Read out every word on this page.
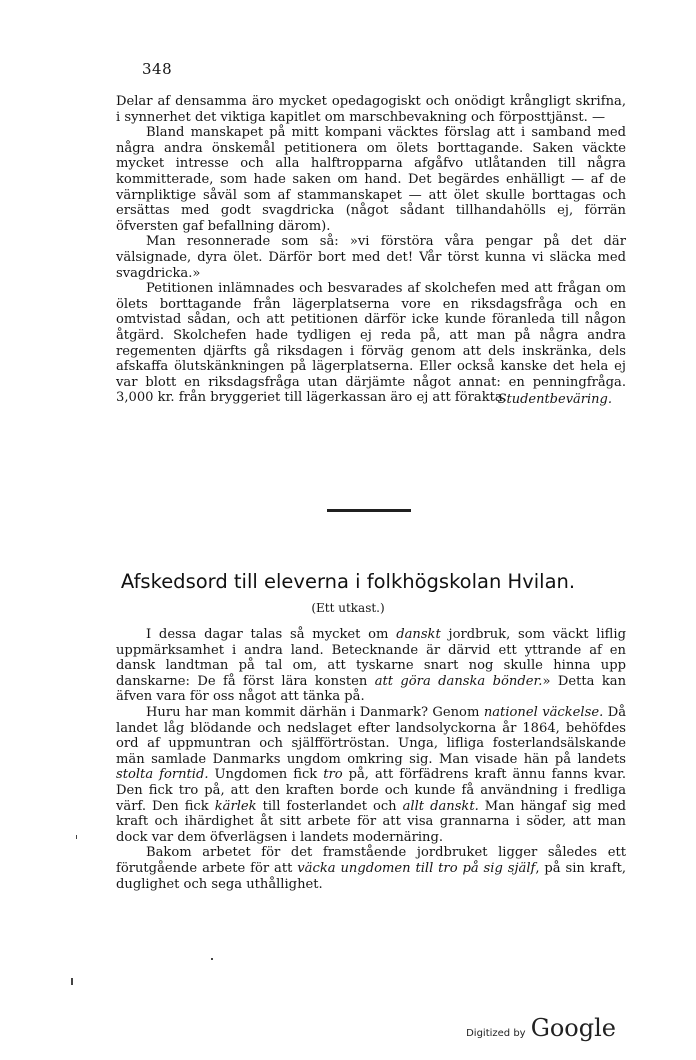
348

Delar af densamma äro mycket opedagogiskt och onödigt krångligt skrifna, i synnerhet det viktiga kapitlet om marschbevakning och förposttjänst. —

Bland manskapet på mitt kompani väcktes förslag att i samband med några andra önskemål petitionera om ölets borttagande. Saken väckte mycket intresse och alla halftropparna afgåfvo utlåtanden till några kommitterade, som hade saken om hand. Det begärdes enhälligt — af de värnpliktige såväl som af stammanskapet — att ölet skulle borttagas och ersättas med godt svagdricka (något sådant tillhandahölls ej, förrän öfversten gaf befallning därom).

Man resonnerade som så: »vi förstöra våra pengar på det där välsignade, dyra ölet. Därför bort med det! Vår törst kunna vi släcka med svagdricka.»

Petitionen inlämnades och besvarades af skolchefen med att frågan om ölets borttagande från lägerplatserna vore en riksdagsfråga och en omtvistad sådan, och att petitionen därför icke kunde föranleda till någon åtgärd. Skolchefen hade tydligen ej reda på, att man på några andra regementen djärfts gå riksdagen i förväg genom att dels inskränka, dels afskaffa ölutskänkningen på lägerplatserna. Eller också kanske det hela ej var blott en riksdagsfråga utan därjämte något annat: en penningfråga. 3,000 kr. från bryggeriet till lägerkassan äro ej att förakta.

Studentbeväring.
Afskedsord till eleverna i folkhögskolan Hvilan.
(Ett utkast.)

I dessa dagar talas så mycket om danskt jordbruk, som väckt liflig uppmärksamhet i andra land. Betecknande är därvid ett yttrande af en dansk landtman på tal om, att tyskarne snart nog skulle hinna upp danskarne: De få först lära konsten att göra danska bönder.» Detta kan äfven vara för oss något att tänka på.

Huru har man kommit därhän i Danmark? Genom nationel väckelse. Då landet låg blödande och nedslaget efter landsolyckorna år 1864, behöfdes ord af uppmuntran och själfförtröstan. Unga, lifliga fosterlandsälskande män samlade Danmarks ungdom omkring sig. Man visade hän på landets stolta forntid. Ungdomen fick tro på, att förfädrens kraft ännu fanns kvar. Den fick tro på, att den kraften borde och kunde få användning i fredliga värf. Den fick kärlek till fosterlandet och allt danskt. Man hängaf sig med kraft och ihärdighet åt sitt arbete för att visa grannarna i söder, att man dock var dem öfverlägsen i landets modernäring.

Bakom arbetet för det framstående jordbruket ligger således ett förutgående arbete för att väcka ungdomen till tro på sig själf, på sin kraft, duglighet och sega uthållighet.

Digitized by Google
